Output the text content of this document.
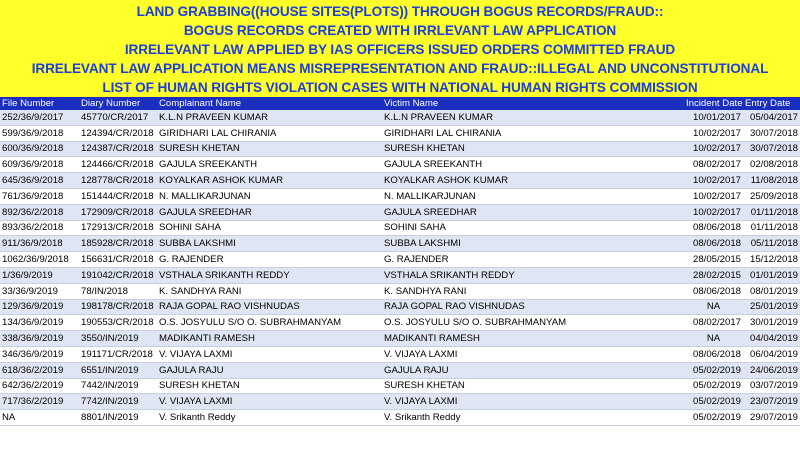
LAND GRABBING((HOUSE SITES(PLOTS)) THROUGH BOGUS RECORDS/FRAUD::
BOGUS RECORDS CREATED WITH IRRLEVANT LAW APPLICATION
IRRELEVANT LAW APPLIED BY IAS OFFICERS ISSUED ORDERS COMMITTED FRAUD
IRRELEVANT LAW APPLICATION MEANS MISREPRESENTATION AND FRAUD::ILLEGAL AND UNCONSTITUTIONAL
LIST OF HUMAN RIGHTS VIOLATION CASES WITH NATIONAL HUMAN RIGHTS COMMISSION
File Number	Diary Number	Complainant Name	Victim Name	Incident Date	Entry Date
252/36/9/2017	45770/CR/2017	K.L.N PRAVEEN KUMAR	K.L.N PRAVEEN KUMAR	10/01/2017	05/04/2017
599/36/9/2018	124394/CR/2018	GIRIDHARI LAL CHIRANIA	GIRIDHARI LAL CHIRANIA	10/02/2017	30/07/2018
600/36/9/2018	124387/CR/2018	SURESH KHETAN	SURESH KHETAN	10/02/2017	30/07/2018
609/36/9/2018	124466/CR/2018	GAJULA SREEKANTH	GAJULA SREEKANTH	08/02/2017	02/08/2018
645/36/9/2018	128778/CR/2018	KOYALKAR ASHOK KUMAR	KOYALKAR ASHOK KUMAR	10/02/2017	11/08/2018
761/36/9/2018	151444/CR/2018	N. MALLIKARJUNAN	N. MALLIKARJUNAN	10/02/2017	25/09/2018
892/36/2/2018	172909/CR/2018	GAJULA SREEDHAR	GAJULA SREEDHAR	10/02/2017	01/11/2018
893/36/2/2018	172913/CR/2018	SOHINI SAHA	SOHINI SAHA	08/06/2018	01/11/2018
911/36/9/2018	185928/CR/2018	SUBBA LAKSHMI	SUBBA LAKSHMI	08/06/2018	05/11/2018
1062/36/9/2018	156631/CR/2018	G. RAJENDER	G. RAJENDER	28/05/2015	15/12/2018
1/36/9/2019	191042/CR/2018	VSTHALA SRIKANTH REDDY	VSTHALA SRIKANTH REDDY	28/02/2015	01/01/2019
33/36/9/2019	78/IN/2018	K. SANDHYA RANI	K. SANDHYA RANI	08/06/2018	08/01/2019
129/36/9/2019	198178/CR/2018	RAJA GOPAL RAO VISHNUDAS	RAJA GOPAL RAO VISHNUDAS	NA	25/01/2019
134/36/9/2019	190553/CR/2018	O.S. JOSYULU S/O O. SUBRAHMANYAM	O.S. JOSYULU S/O O. SUBRAHMANYAM	08/02/2017	30/01/2019
338/36/9/2019	3550/IN/2019	MADIKANTI RAMESH	MADIKANTI RAMESH	NA	04/04/2019
346/36/9/2019	191171/CR/2018	V. VIJAYA LAXMI	V. VIJAYA LAXMI	08/06/2018	06/04/2019
618/36/2/2019	6551/IN/2019	GAJULA RAJU	GAJULA RAJU	05/02/2019	24/06/2019
642/36/2/2019	7442/IN/2019	SURESH KHETAN	SURESH KHETAN	05/02/2019	03/07/2019
717/36/2/2019	7742/IN/2019	V. VIJAYA LAXMI	V. VIJAYA LAXMI	05/02/2019	23/07/2019
NA	8801/IN/2019	V. Srikanth Reddy	V. Srikanth Reddy	05/02/2019	29/07/2019
